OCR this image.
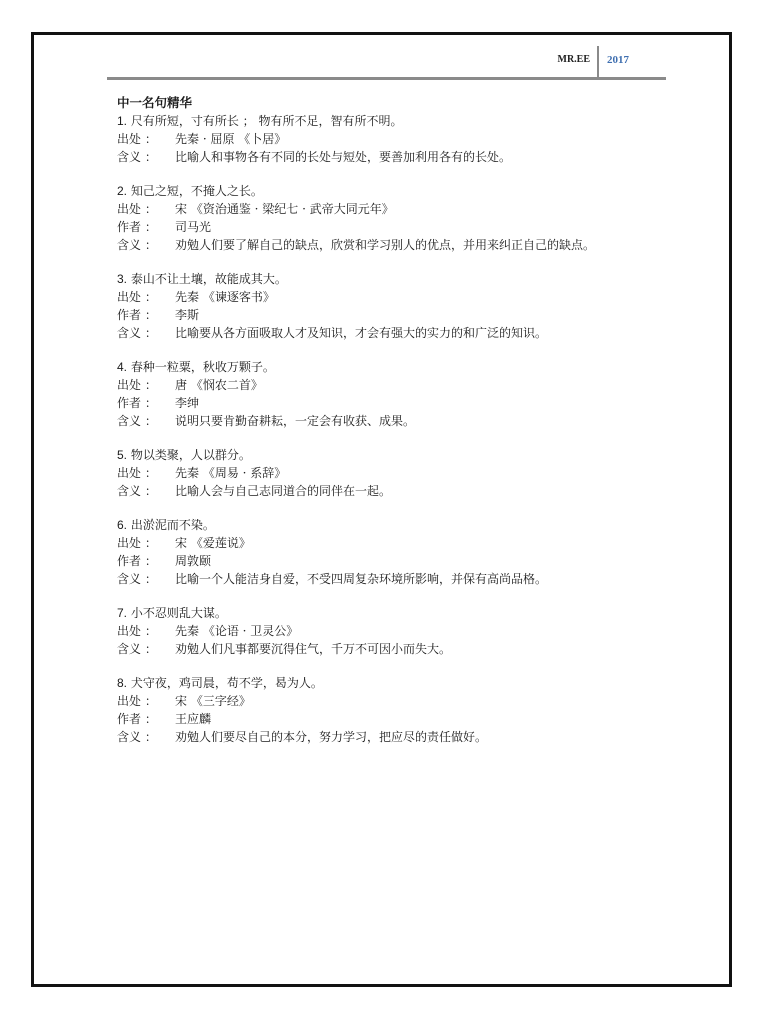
MR.EE 2017

中一名句精华

1. 尺有所短，寸有所长 ； 物有所不足，智有所不明。

出处 ： 先秦 · 屈原 《卜居》

含义 ： 比喻人和事物各有不同的长处与短处，要善加利用各有的长处。

2. 知己之短，不掩人之长。

出处 ： 宋 《资治通鉴 · 梁纪七 · 武帝大同元年》

作者 ： 司马光

含义 ： 劝勉人们要了解自己的缺点，欣赏和学习别人的优点，并用来纠正自己的缺点。

3. 泰山不让土壤，故能成其大。

出处 ： 先秦 《谏逐客书》

作者 ： 李斯

含义 ： 比喻要从各方面吸取人才及知识，才会有强大的实力的和广泛的知识。

4. 春种一粒粟，秋收万颗子。

出处 ： 唐 《悯农二首》

作者 ： 李绅

含义 ： 说明只要肯勤奋耕耘，一定会有收获、成果。

5. 物以类聚，人以群分。

出处 ： 先秦 《周易 · 系辞》

含义 ： 比喻人会与自己志同道合的同伴在一起。

6. 出淤泥而不染。

出处 ： 宋 《爱莲说》

作者 ： 周敦颐

含义 ： 比喻一个人能洁身自爱，不受四周复杂环境所影响，并保有高尚品格。

7. 小不忍则乱大谋。

出处 ： 先秦 《论语 · 卫灵公》

含义 ： 劝勉人们凡事都要沉得住气，千万不可因小而失大。

8. 犬守夜，鸡司晨，苟不学，曷为人。

出处 ： 宋 《三字经》

作者 ： 王应麟

含义 ： 劝勉人们要尽自己的本分，努力学习，把应尽的责任做好。
